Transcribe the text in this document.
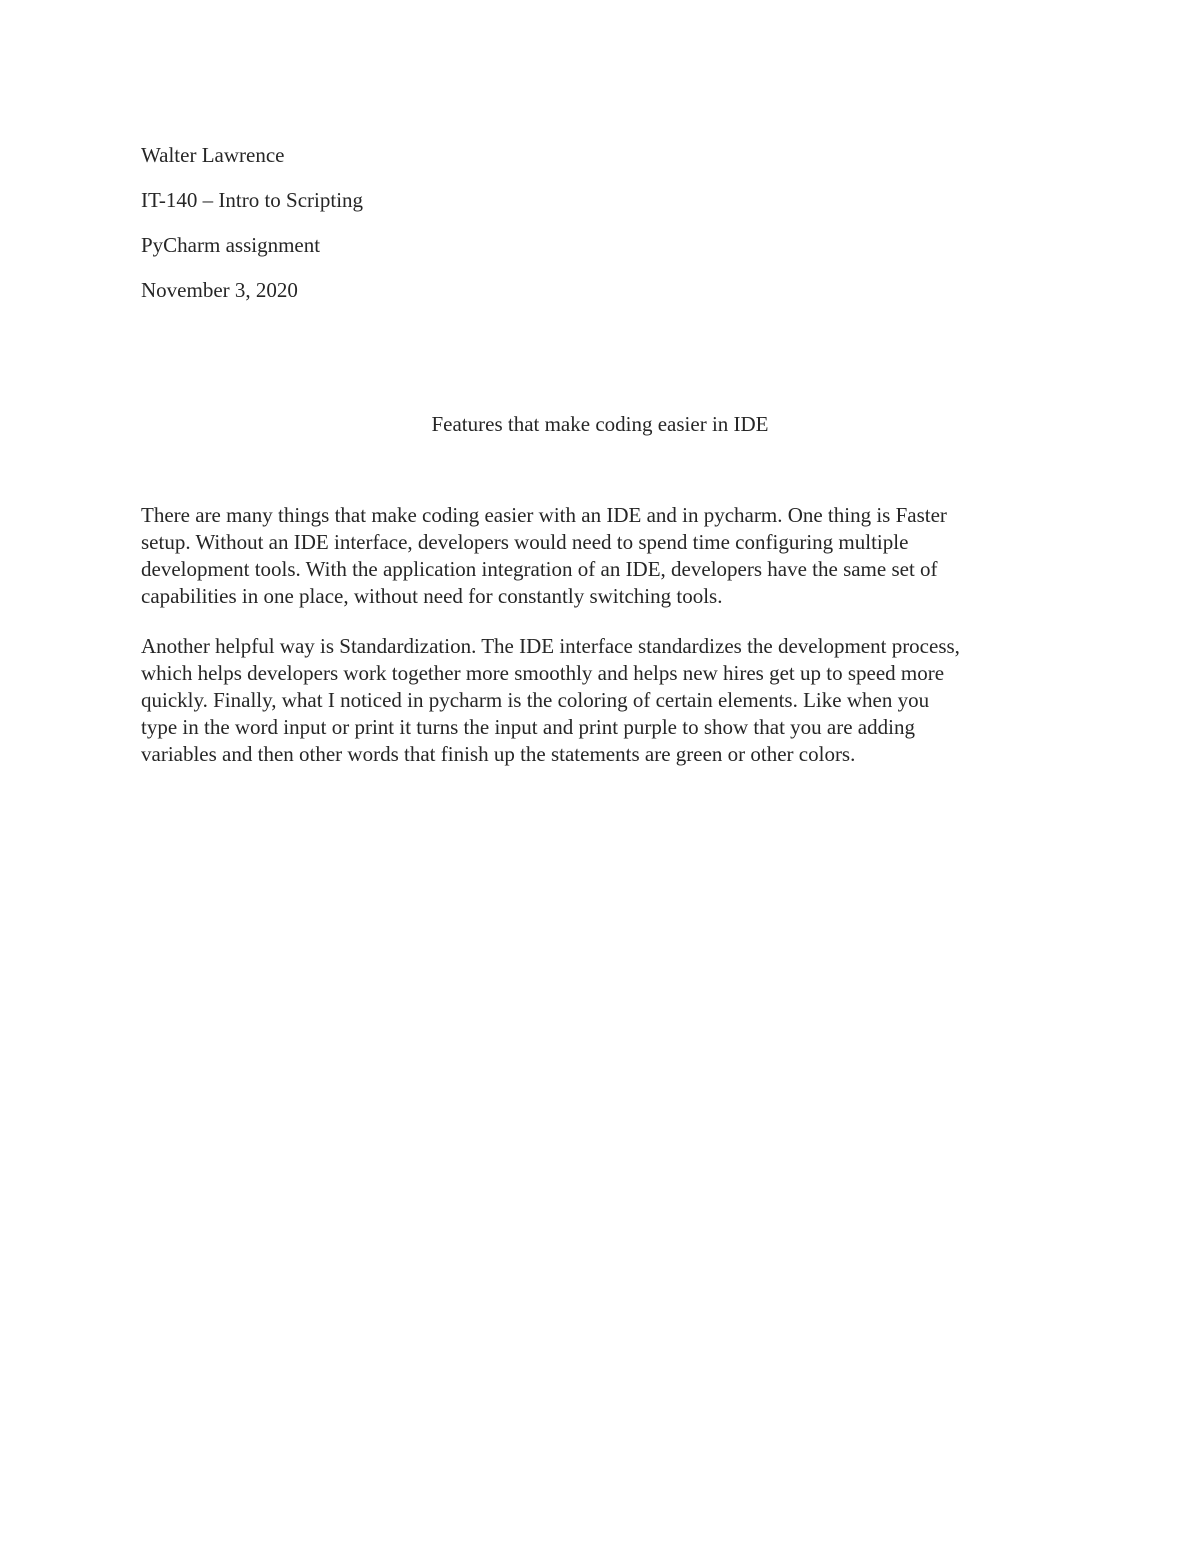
Walter Lawrence
IT-140 – Intro to Scripting
PyCharm assignment
November 3, 2020
Features that make coding easier in IDE

There are many things that make coding easier with an IDE and in pycharm. One thing is Faster
setup. Without an IDE interface, developers would need to spend time configuring multiple
development tools. With the application integration of an IDE, developers have the same set of
capabilities in one place, without need for constantly switching tools.

Another helpful way is Standardization. The IDE interface standardizes the development process,
which helps developers work together more smoothly and helps new hires get up to speed more
quickly. Finally, what I noticed in pycharm is the coloring of certain elements. Like when you
type in the word input or print it turns the input and print purple to show that you are adding
variables and then other words that finish up the statements are green or other colors.
